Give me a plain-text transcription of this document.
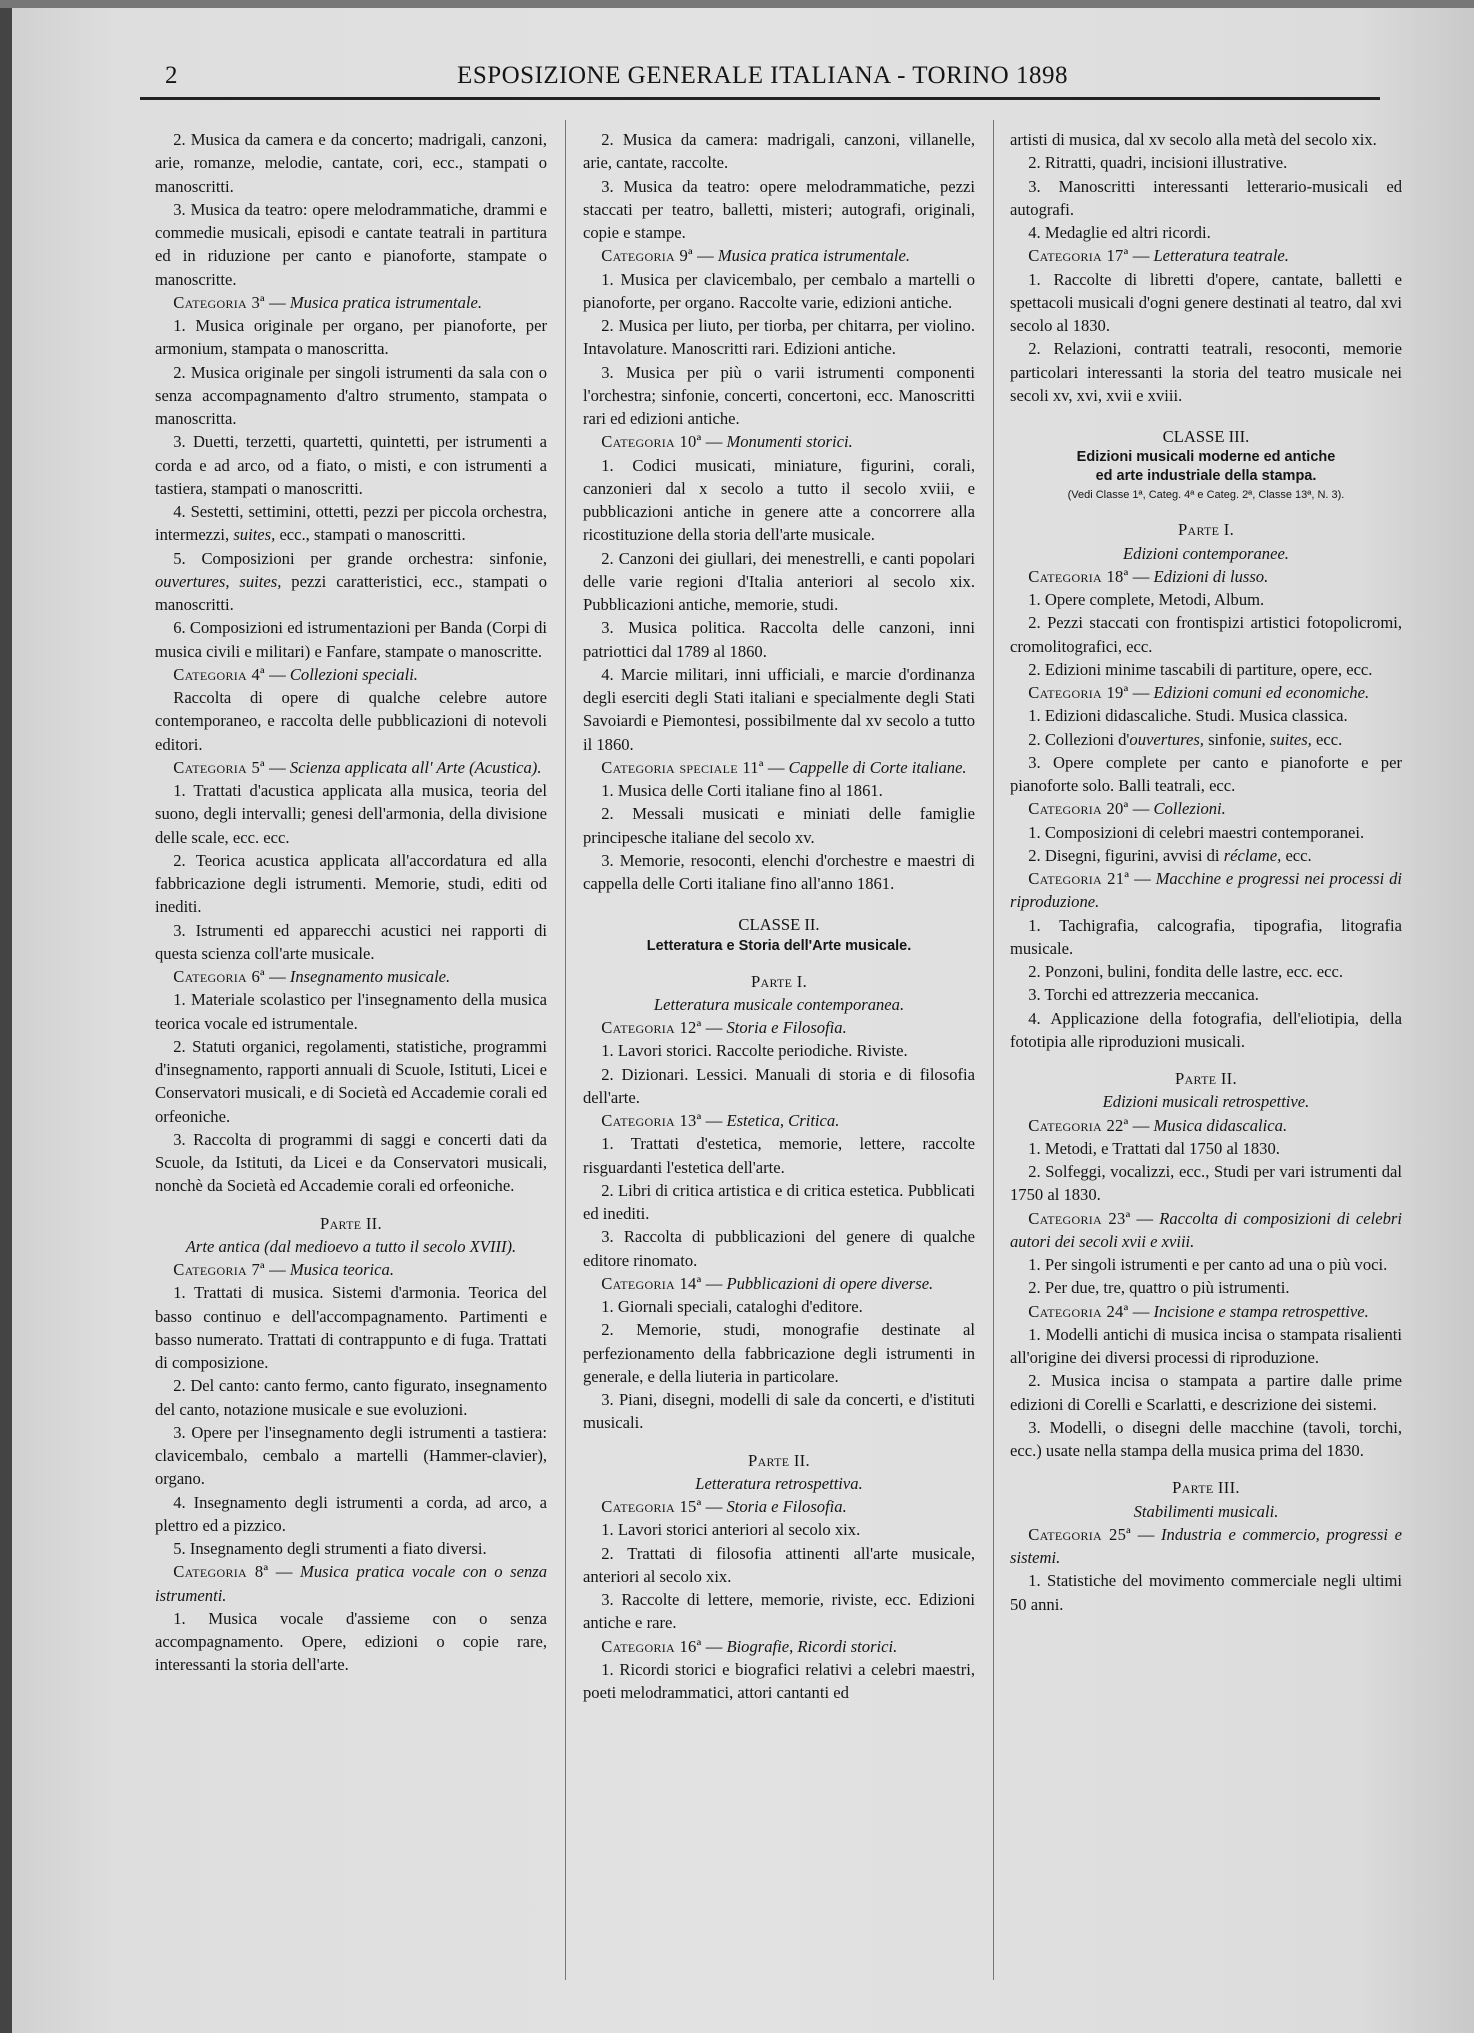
2	ESPOSIZIONE GENERALE ITALIANA - TORINO 1898

2. Musica da camera e da concerto; madrigali, canzoni, arie, romanze, melodie, cantate, cori, ecc., stampati o manoscritti.

3. Musica da teatro: opere melodrammatiche, drammi e commedie musicali, episodi e cantate teatrali in partitura ed in riduzione per canto e pianoforte, stampate o manoscritte.

Categoria 3ª — Musica pratica istrumentale.

1. Musica originale per organo, per pianoforte, per armonium, stampata o manoscritta.

2. Musica originale per singoli istrumenti da sala con o senza accompagnamento d'altro strumento, stampata o manoscritta.

3. Duetti, terzetti, quartetti, quintetti, per istrumenti a corda e ad arco, od a fiato, o misti, e con istrumenti a tastiera, stampati o manoscritti.

4. Sestetti, settimini, ottetti, pezzi per piccola orchestra, intermezzi, suites, ecc., stampati o manoscritti.

5. Composizioni per grande orchestra: sinfonie, ouvertures, suites, pezzi caratteristici, ecc., stampati o manoscritti.

6. Composizioni ed istrumentazioni per Banda (Corpi di musica civili e militari) e Fanfare, stampate o manoscritte.

Categoria 4ª — Collezioni speciali.

Raccolta di opere di qualche celebre autore contemporaneo, e raccolta delle pubblicazioni di notevoli editori.

Categoria 5ª — Scienza applicata all' Arte (Acustica).

1. Trattati d'acustica applicata alla musica, teoria del suono, degli intervalli; genesi dell'armonia, della divisione delle scale, ecc. ecc.

2. Teorica acustica applicata all'accordatura ed alla fabbricazione degli istrumenti. Memorie, studi, editi od inediti.

3. Istrumenti ed apparecchi acustici nei rapporti di questa scienza coll'arte musicale.

Categoria 6ª — Insegnamento musicale.

1. Materiale scolastico per l'insegnamento della musica teorica vocale ed istrumentale.

2. Statuti organici, regolamenti, statistiche, programmi d'insegnamento, rapporti annuali di Scuole, Istituti, Licei e Conservatori musicali, e di Società ed Accademie corali ed orfeoniche.

3. Raccolta di programmi di saggi e concerti dati da Scuole, da Istituti, da Licei e da Conservatori musicali, nonchè da Società ed Accademie corali ed orfeoniche.

Parte II.

Arte antica (dal medioevo a tutto il secolo XVIII).

Categoria 7ª — Musica teorica.

1. Trattati di musica. Sistemi d'armonia. Teorica del basso continuo e dell'accompagnamento. Partimenti e basso numerato. Trattati di contrappunto e di fuga. Trattati di composizione.

2. Del canto: canto fermo, canto figurato, insegnamento del canto, notazione musicale e sue evoluzioni.

3. Opere per l'insegnamento degli istrumenti a tastiera: clavicembalo, cembalo a martelli (Hammer-clavier), organo.

4. Insegnamento degli istrumenti a corda, ad arco, a plettro ed a pizzico.

5. Insegnamento degli strumenti a fiato diversi.

Categoria 8ª — Musica pratica vocale con o senza istrumenti.

1. Musica vocale d'assieme con o senza accompagnamento. Opere, edizioni o copie rare, interessanti la storia dell'arte.

2. Musica da camera: madrigali, canzoni, villanelle, arie, cantate, raccolte.

3. Musica da teatro: opere melodrammatiche, pezzi staccati per teatro, balletti, misteri; autografi, originali, copie e stampe.

Categoria 9ª — Musica pratica istrumentale.

1. Musica per clavicembalo, per cembalo a martelli o pianoforte, per organo. Raccolte varie, edizioni antiche.

2. Musica per liuto, per tiorba, per chitarra, per violino. Intavolature. Manoscritti rari. Edizioni antiche.

3. Musica per più o varii istrumenti componenti l'orchestra; sinfonie, concerti, concertoni, ecc. Manoscritti rari ed edizioni antiche.

Categoria 10ª — Monumenti storici.

1. Codici musicati, miniature, figurini, corali, canzonieri dal x secolo a tutto il secolo xviii, e pubblicazioni antiche in genere atte a concorrere alla ricostituzione della storia dell'arte musicale.

2. Canzoni dei giullari, dei menestrelli, e canti popolari delle varie regioni d'Italia anteriori al secolo xix. Pubblicazioni antiche, memorie, studi.

3. Musica politica. Raccolta delle canzoni, inni patriottici dal 1789 al 1860.

4. Marcie militari, inni ufficiali, e marcie d'ordinanza degli eserciti degli Stati italiani e specialmente degli Stati Savoiardi e Piemontesi, possibilmente dal xv secolo a tutto il 1860.

Categoria speciale 11ª — Cappelle di Corte italiane.

1. Musica delle Corti italiane fino al 1861.

2. Messali musicati e miniati delle famiglie principesche italiane del secolo xv.

3. Memorie, resoconti, elenchi d'orchestre e maestri di cappella delle Corti italiane fino all'anno 1861.

CLASSE II.

Letteratura e Storia dell'Arte musicale.

Parte I.

Letteratura musicale contemporanea.

Categoria 12ª — Storia e Filosofia.

1. Lavori storici. Raccolte periodiche. Riviste.

2. Dizionari. Lessici. Manuali di storia e di filosofia dell'arte.

Categoria 13ª — Estetica, Critica.

1. Trattati d'estetica, memorie, lettere, raccolte risguardanti l'estetica dell'arte.

2. Libri di critica artistica e di critica estetica. Pubblicati ed inediti.

3. Raccolta di pubblicazioni del genere di qualche editore rinomato.

Categoria 14ª — Pubblicazioni di opere diverse.

1. Giornali speciali, cataloghi d'editore.

2. Memorie, studi, monografie destinate al perfezionamento della fabbricazione degli istrumenti in generale, e della liuteria in particolare.

3. Piani, disegni, modelli di sale da concerti, e d'istituti musicali.

Parte II.

Letteratura retrospettiva.

Categoria 15ª — Storia e Filosofia.

1. Lavori storici anteriori al secolo xix.

2. Trattati di filosofia attinenti all'arte musicale, anteriori al secolo xix.

3. Raccolte di lettere, memorie, riviste, ecc. Edizioni antiche e rare.

Categoria 16ª — Biografie, Ricordi storici.

1. Ricordi storici e biografici relativi a celebri maestri, poeti melodrammatici, attori cantanti ed

artisti di musica, dal xv secolo alla metà del secolo xix.

2. Ritratti, quadri, incisioni illustrative.

3. Manoscritti interessanti letterario-musicali ed autografi.

4. Medaglie ed altri ricordi.

Categoria 17ª — Letteratura teatrale.

1. Raccolte di libretti d'opere, cantate, balletti e spettacoli musicali d'ogni genere destinati al teatro, dal xvi secolo al 1830.

2. Relazioni, contratti teatrali, resoconti, memorie particolari interessanti la storia del teatro musicale nei secoli xv, xvi, xvii e xviii.

CLASSE III.

Edizioni musicali moderne ed antiche

ed arte industriale della stampa.

(Vedi Classe 1ª, Categ. 4ª e Categ. 2ª, Classe 13ª, N. 3).

Parte I.

Edizioni contemporanee.

Categoria 18ª — Edizioni di lusso.

1. Opere complete, Metodi, Album.

2. Pezzi staccati con frontispizi artistici fotopolicromi, cromolitografici, ecc.

2. Edizioni minime tascabili di partiture, opere, ecc.

Categoria 19ª — Edizioni comuni ed economiche.

1. Edizioni didascaliche. Studi. Musica classica.

2. Collezioni d'ouvertures, sinfonie, suites, ecc.

3. Opere complete per canto e pianoforte e per pianoforte solo. Balli teatrali, ecc.

Categoria 20ª — Collezioni.

1. Composizioni di celebri maestri contemporanei.

2. Disegni, figurini, avvisi di réclame, ecc.

Categoria 21ª — Macchine e progressi nei processi di riproduzione.

1. Tachigrafia, calcografia, tipografia, litografia musicale.

2. Ponzoni, bulini, fondita delle lastre, ecc. ecc.

3. Torchi ed attrezzeria meccanica.

4. Applicazione della fotografia, dell'eliotipia, della fototipia alle riproduzioni musicali.

Parte II.

Edizioni musicali retrospettive.

Categoria 22ª — Musica didascalica.

1. Metodi, e Trattati dal 1750 al 1830.

2. Solfeggi, vocalizzi, ecc., Studi per vari istrumenti dal 1750 al 1830.

Categoria 23ª — Raccolta di composizioni di celebri autori dei secoli xvii e xviii.

1. Per singoli istrumenti e per canto ad una o più voci.

2. Per due, tre, quattro o più istrumenti.

Categoria 24ª — Incisione e stampa retrospettive.

1. Modelli antichi di musica incisa o stampata risalienti all'origine dei diversi processi di riproduzione.

2. Musica incisa o stampata a partire dalle prime edizioni di Corelli e Scarlatti, e descrizione dei sistemi.

3. Modelli, o disegni delle macchine (tavoli, torchi, ecc.) usate nella stampa della musica prima del 1830.

Parte III.

Stabilimenti musicali.

Categoria 25ª — Industria e commercio, progressi e sistemi.

1. Statistiche del movimento commerciale negli ultimi 50 anni.
